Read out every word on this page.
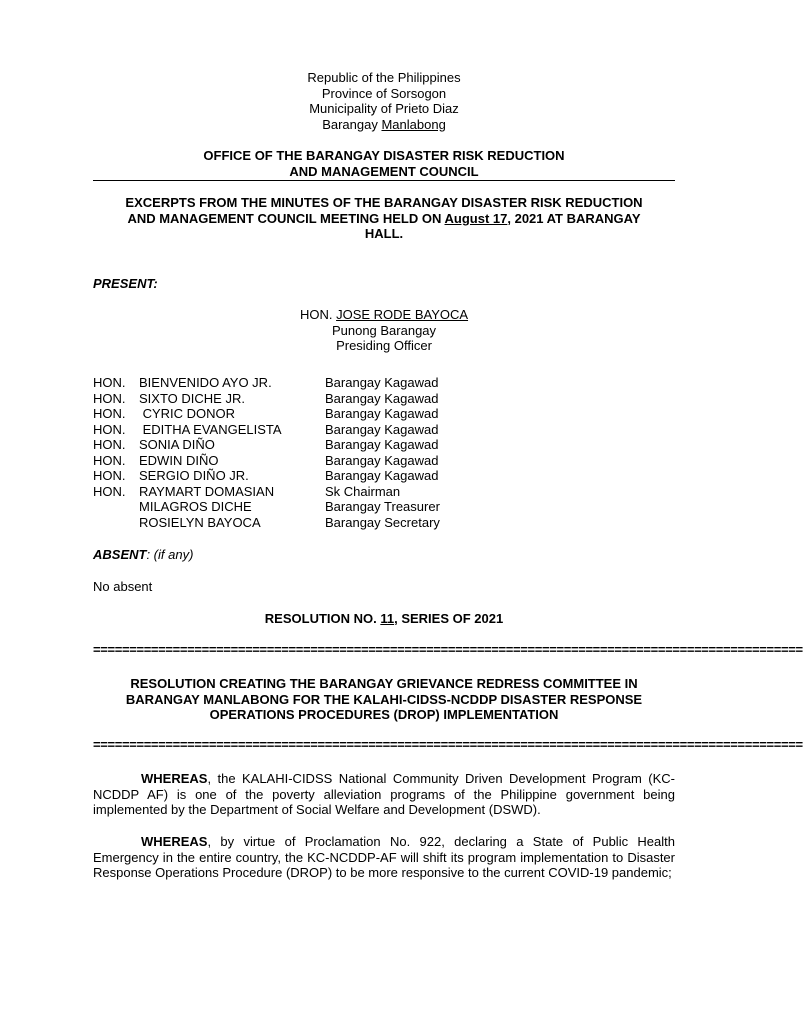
Republic of the Philippines
Province of Sorsogon
Municipality of Prieto Diaz
Barangay Manlabong
OFFICE OF THE BARANGAY DISASTER RISK REDUCTION
AND MANAGEMENT COUNCIL
EXCERPTS FROM THE MINUTES OF THE BARANGAY DISASTER RISK REDUCTION
AND MANAGEMENT COUNCIL MEETING HELD ON August 17, 2021 AT BARANGAY
HALL.
PRESENT:
HON. JOSE RODE BAYOCA
Punong Barangay
Presiding Officer
HON. BIENVENIDO AYO JR.	Barangay Kagawad
HON. SIXTO DICHE JR.	Barangay Kagawad
HON. CYRIC DONOR	Barangay Kagawad
HON. EDITHA EVANGELISTA	Barangay Kagawad
HON. SONIA DIÑO	Barangay Kagawad
HON. EDWIN DIÑO	Barangay Kagawad
HON. SERGIO DIÑO JR.	Barangay Kagawad
HON. RAYMART DOMASIAN	Sk Chairman
MILAGROS DICHE	Barangay Treasurer
ROSIELYN BAYOCA	Barangay Secretary
ABSENT: (if any)
No absent
RESOLUTION NO. 11, SERIES OF 2021
==================================================================================================
RESOLUTION CREATING THE BARANGAY GRIEVANCE REDRESS COMMITTEE IN
BARANGAY MANLABONG FOR THE KALAHI-CIDSS-NCDDP DISASTER RESPONSE
OPERATIONS PROCEDURES (DROP) IMPLEMENTATION
==================================================================================================

WHEREAS, the KALAHI-CIDSS National Community Driven Development Program (KC-NCDDP AF) is one of the poverty alleviation programs of the Philippine government being implemented by the Department of Social Welfare and Development (DSWD).

WHEREAS, by virtue of Proclamation No. 922, declaring a State of Public Health Emergency in the entire country, the KC-NCDDP-AF will shift its program implementation to Disaster Response Operations Procedure (DROP) to be more responsive to the current COVID-19 pandemic;
